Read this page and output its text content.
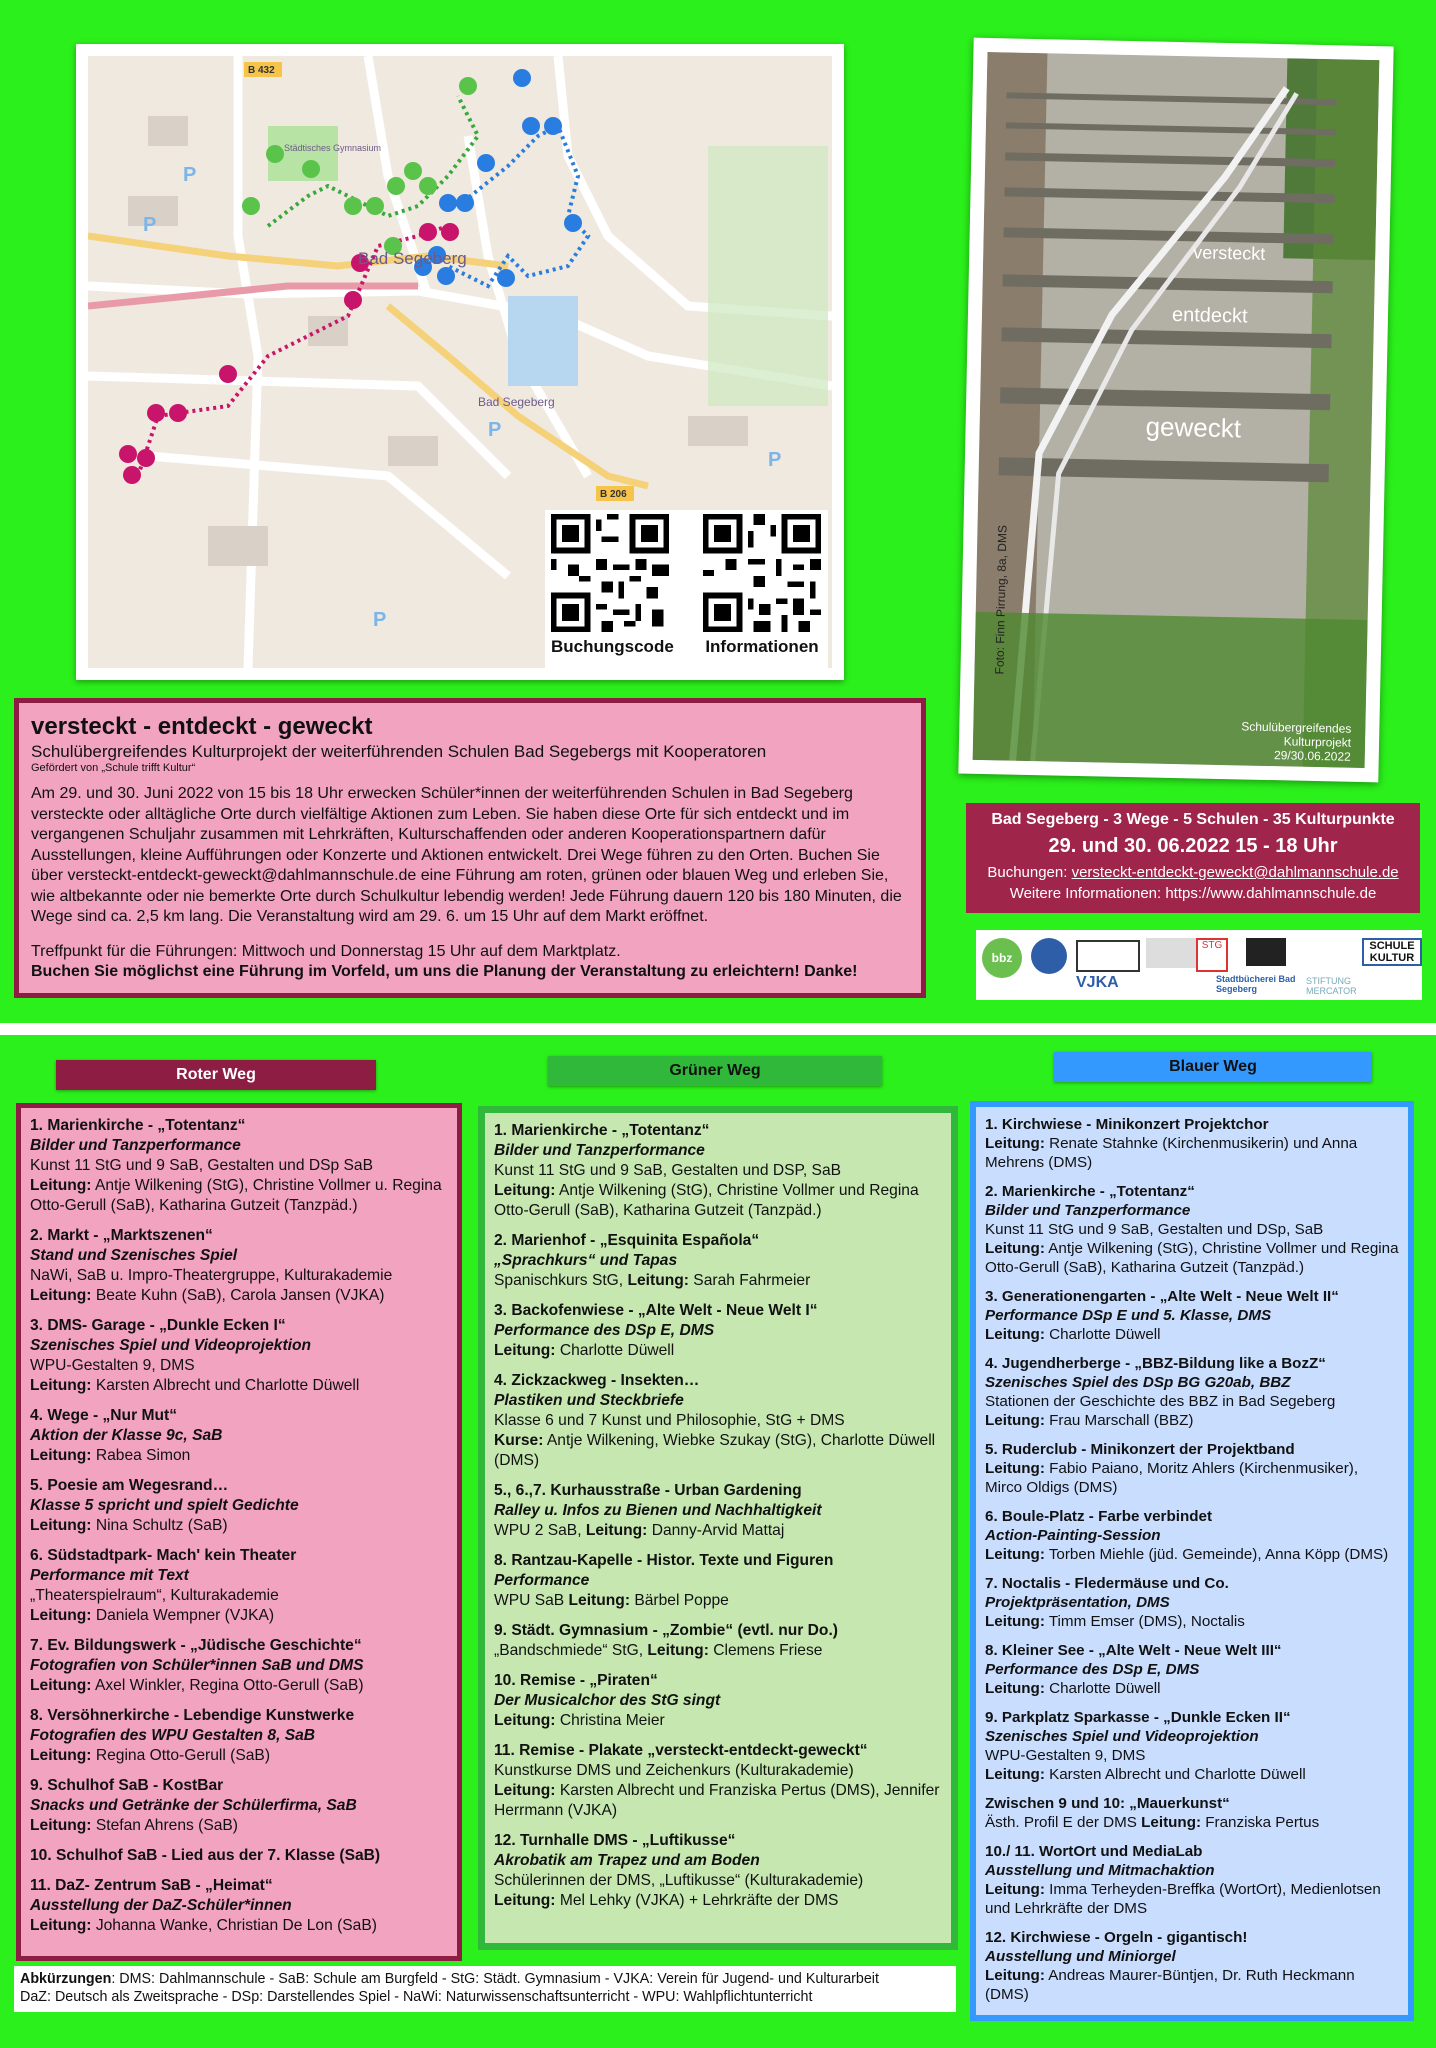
P
P
P
P
P
B 432
B 206
Bad Segeberg
Bad Segeberg
Städtisches Gymnasium
Buchungscode Informationen
versteckt
entdeckt
geweckt
Foto: Finn Pirrung, 8a, DMS
Schulübergreifendes
Kulturprojekt 29/30.06.2022
versteckt - entdeckt - geweckt
Schulübergreifendes Kulturprojekt der weiterführenden Schulen Bad Segebergs mit Kooperatoren
Gefördert von „Schule trifft Kultur“

Am 29. und 30. Juni 2022 von 15 bis 18 Uhr erwecken Schüler*innen der weiterführenden Schulen in Bad Segeberg versteckte oder alltägliche Orte durch vielfältige Aktionen zum Leben. Sie haben diese Orte für sich entdeckt und im vergangenen Schuljahr zusammen mit Lehrkräften, Kulturschaffenden oder anderen Kooperationspartnern dafür Ausstellungen, kleine Aufführungen oder Konzerte und Aktionen entwickelt. Drei Wege führen zu den Orten. Buchen Sie über versteckt-entdeckt-geweckt@dahlmannschule.de eine Führung am roten, grünen oder blauen Weg und erleben Sie, wie altbekannte oder nie bemerkte Orte durch Schulkultur lebendig werden! Jede Führung dauern 120 bis 180 Minuten, die Wege sind ca. 2,5 km lang. Die Veranstaltung wird am 29. 6. um 15 Uhr auf dem Markt eröffnet.

Treffpunkt für die Führungen: Mittwoch und Donnerstag 15 Uhr auf dem Marktplatz.

Buchen Sie möglichst eine Führung im Vorfeld, um uns die Planung der Veranstaltung zu erleichtern! Danke!

Bad Segeberg - 3 Wege - 5 Schulen - 35 Kulturpunkte
29. und 30. 06.2022 15 - 18 Uhr
Buchungen: versteckt-entdeckt-geweckt@dahlmannschule.de
Weitere Informationen: https://www.dahlmannschule.de
bbz
STG
VJKA	Stadtbücherei Bad Segeberg
STIFTUNG MERCATOR
SCHULE KULTUR
Roter Weg	Grüner Weg	Blauer Weg
1. Marienkirche - „Totentanz“
Bilder und Tanzperformance
Kunst 11 StG und 9 SaB, Gestalten und DSp SaB
Leitung: Antje Wilkening (StG), Christine Vollmer u. Regina Otto-Gerull (SaB), Katharina Gutzeit (Tanzpäd.)
2. Markt - „Marktszenen“
Stand und Szenisches Spiel
NaWi, SaB u. Impro-Theatergruppe, Kulturakademie
Leitung: Beate Kuhn (SaB), Carola Jansen (VJKA)
3. DMS- Garage - „Dunkle Ecken I“
Szenisches Spiel und Videoprojektion
WPU-Gestalten 9, DMS
Leitung: Karsten Albrecht und Charlotte Düwell
4. Wege - „Nur Mut“
Aktion der Klasse 9c, SaB
Leitung: Rabea Simon
5. Poesie am Wegesrand…
Klasse 5 spricht und spielt Gedichte
Leitung: Nina Schultz (SaB)
6. Südstadtpark- Mach' kein Theater
Performance mit Text
„Theaterspielraum“, Kulturakademie
Leitung: Daniela Wempner (VJKA)
7. Ev. Bildungswerk - „Jüdische Geschichte“
Fotografien von Schüler*innen SaB und DMS
Leitung: Axel Winkler, Regina Otto-Gerull (SaB)
8. Versöhnerkirche - Lebendige Kunstwerke
Fotografien des WPU Gestalten 8, SaB
Leitung: Regina Otto-Gerull (SaB)
9. Schulhof SaB - KostBar
Snacks und Getränke der Schülerfirma, SaB
Leitung: Stefan Ahrens (SaB)
10. Schulhof SaB - Lied aus der 7. Klasse (SaB)
11. DaZ- Zentrum SaB - „Heimat“
Ausstellung der DaZ-Schüler*innen
Leitung: Johanna Wanke, Christian De Lon (SaB)
1. Marienkirche - „Totentanz“
Bilder und Tanzperformance
Kunst 11 StG und 9 SaB, Gestalten und DSP, SaB
Leitung: Antje Wilkening (StG), Christine Vollmer und Regina Otto-Gerull (SaB), Katharina Gutzeit (Tanzpäd.)
2. Marienhof - „Esquinita Española“
„Sprachkurs“ und Tapas
Spanischkurs StG, Leitung: Sarah Fahrmeier
3. Backofenwiese - „Alte Welt - Neue Welt I“
Performance des DSp E, DMS
Leitung: Charlotte Düwell
4. Zickzackweg - Insekten…
Plastiken und Steckbriefe
Klasse 6 und 7 Kunst und Philosophie, StG + DMS
Kurse: Antje Wilkening, Wiebke Szukay (StG), Charlotte Düwell (DMS)
5., 6.,7. Kurhausstraße - Urban Gardening
Ralley u. Infos zu Bienen und Nachhaltigkeit
WPU 2 SaB, Leitung: Danny-Arvid Mattaj
8. Rantzau-Kapelle - Histor. Texte und Figuren
Performance
WPU SaB Leitung: Bärbel Poppe
9. Städt. Gymnasium - „Zombie“ (evtl. nur Do.)
„Bandschmiede“ StG, Leitung: Clemens Friese
10. Remise - „Piraten“
Der Musicalchor des StG singt
Leitung: Christina Meier
11. Remise - Plakate „versteckt-entdeckt-geweckt“
Kunstkurse DMS und Zeichenkurs (Kulturakademie)
Leitung: Karsten Albrecht und Franziska Pertus (DMS), Jennifer Herrmann (VJKA)
12. Turnhalle DMS - „Luftikusse“
Akrobatik am Trapez und am Boden
Schülerinnen der DMS, „Luftikusse“ (Kulturakademie)
Leitung: Mel Lehky (VJKA) + Lehrkräfte der DMS
1. Kirchwiese - Minikonzert Projektchor
Leitung: Renate Stahnke (Kirchenmusikerin) und Anna Mehrens (DMS)
2. Marienkirche - „Totentanz“
Bilder und Tanzperformance
Kunst 11 StG und 9 SaB, Gestalten und DSp, SaB
Leitung: Antje Wilkening (StG), Christine Vollmer und Regina Otto-Gerull (SaB), Katharina Gutzeit (Tanzpäd.)
3. Generationengarten - „Alte Welt - Neue Welt II“
Performance DSp E und 5. Klasse, DMS
Leitung: Charlotte Düwell
4. Jugendherberge - „BBZ-Bildung like a BozZ“
Szenisches Spiel des DSp BG G20ab, BBZ
Stationen der Geschichte des BBZ in Bad Segeberg
Leitung: Frau Marschall (BBZ)
5. Ruderclub - Minikonzert der Projektband
Leitung: Fabio Paiano, Moritz Ahlers (Kirchenmusiker), Mirco Oldigs (DMS)
6. Boule-Platz - Farbe verbindet
Action-Painting-Session
Leitung: Torben Miehle (jüd. Gemeinde), Anna Köpp (DMS)
7. Noctalis - Fledermäuse und Co.
Projektpräsentation, DMS
Leitung: Timm Emser (DMS), Noctalis
8. Kleiner See - „Alte Welt - Neue Welt III“
Performance des DSp E, DMS
Leitung: Charlotte Düwell
9. Parkplatz Sparkasse - „Dunkle Ecken II“
Szenisches Spiel und Videoprojektion
WPU-Gestalten 9, DMS
Leitung: Karsten Albrecht und Charlotte Düwell
Zwischen 9 und 10: „Mauerkunst“
Ästh. Profil E der DMS Leitung: Franziska Pertus
10./ 11. WortOrt und MediaLab
Ausstellung und Mitmachaktion
Leitung: Imma Terheyden-Breffka (WortOrt), Medienlotsen und Lehrkräfte der DMS
12. Kirchwiese - Orgeln - gigantisch!
Ausstellung und Miniorgel
Leitung: Andreas Maurer-Büntjen, Dr. Ruth Heckmann (DMS)
Abkürzungen: DMS: Dahlmannschule - SaB: Schule am Burgfeld - StG: Städt. Gymnasium - VJKA: Verein für Jugend- und Kulturarbeit
DaZ: Deutsch als Zweitsprache - DSp: Darstellendes Spiel - NaWi: Naturwissenschaftsunterricht - WPU: Wahlpflichtunterricht
